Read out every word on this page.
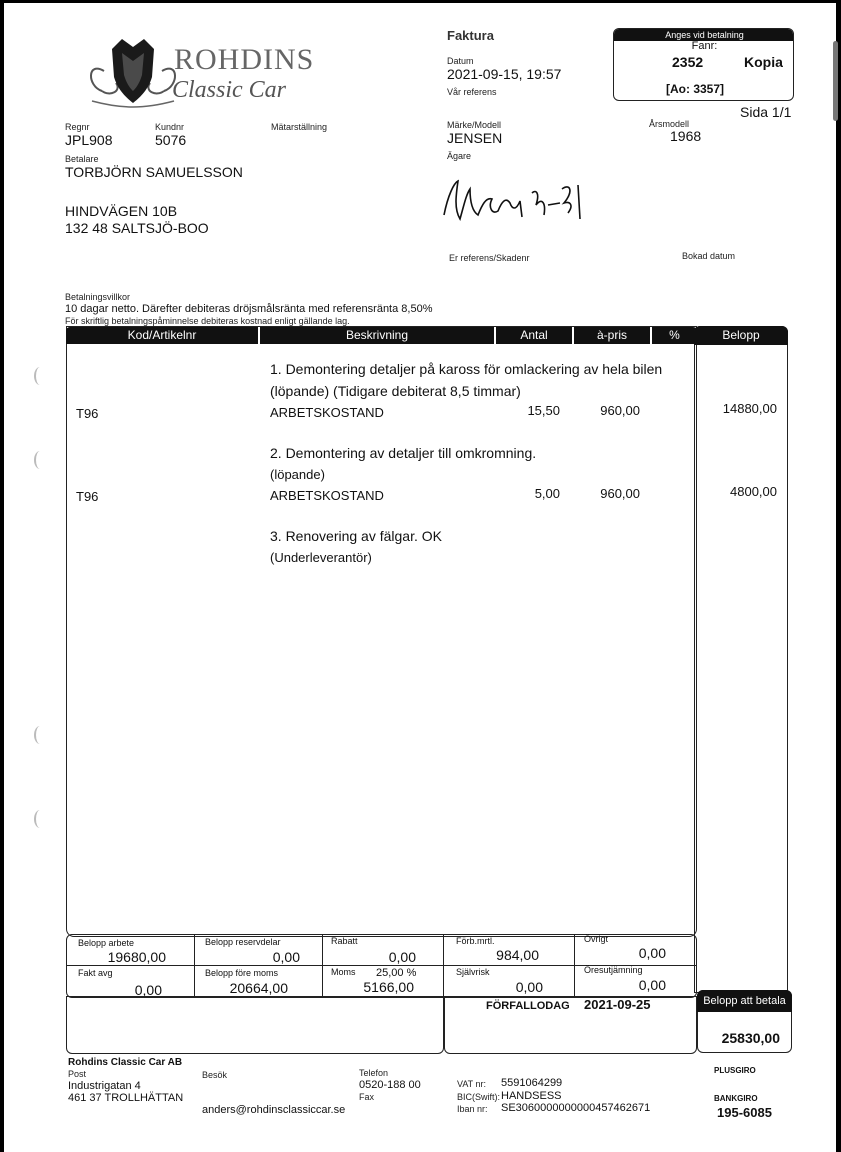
ROHDINS
Classic Car
Faktura
Datum
2021-09-15, 19:57
Vår referens
Anges vid betalning
Fanr:
2352	Kopia
[Ao: 3357]
Sida 1/1
Regnr
JPL908
Kundnr
5076
Mätarställning	Märke/Modell
JENSEN
Årsmodell
1968
Ägare
Betalare
TORBJÖRN SAMUELSSON
HINDVÄGEN 10B
132 48 SALTSJÖ-BOO
Er referens/Skadenr	Bokad datum
Betalningsvillkor
10 dagar netto. Därefter debiteras dröjsmålsränta med referensränta 8,50%
För skriftlig betalningspåminnelse debiteras kostnad enligt gällande lag.
Kod/Artikelnr	Beskrivning	Antal	à-pris	%	Belopp
1. Demontering detaljer på kaross för omlackering av hela bilen
(löpande) (Tidigare debiterat 8,5 timmar)
T96	ARBETSKOSTAND	15,50	960,00	14880,00
2. Demontering av detaljer till omkromning.
(löpande)
T96	ARBETSKOSTAND	5,00	960,00	4800,00
3. Renovering av fälgar. OK
(Underleverantör)
Belopp arbete
19680,00
Belopp reservdelar
0,00
Rabatt
0,00
Förb.mrtl.
984,00
Övrigt
0,00
Fakt avg
0,00
Belopp före moms
20664,00
Moms 25,00 %
5166,00
Självrisk
0,00
Öresutjämning
0,00
FÖRFALLODAG 2021-09-25	Belopp att betala
25830,00
Rohdins Classic Car AB
Post
Industrigatan 4
461 37 TROLLHÄTTAN
Besök
anders@rohdinsclassiccar.se
Telefon
0520-188 00
Fax
VAT nr: 5591064299
BIC(Swift): HANDSESS
Iban nr: SE3060000000000457462671
PLUSGIRO
BANKGIRO
195-6085
